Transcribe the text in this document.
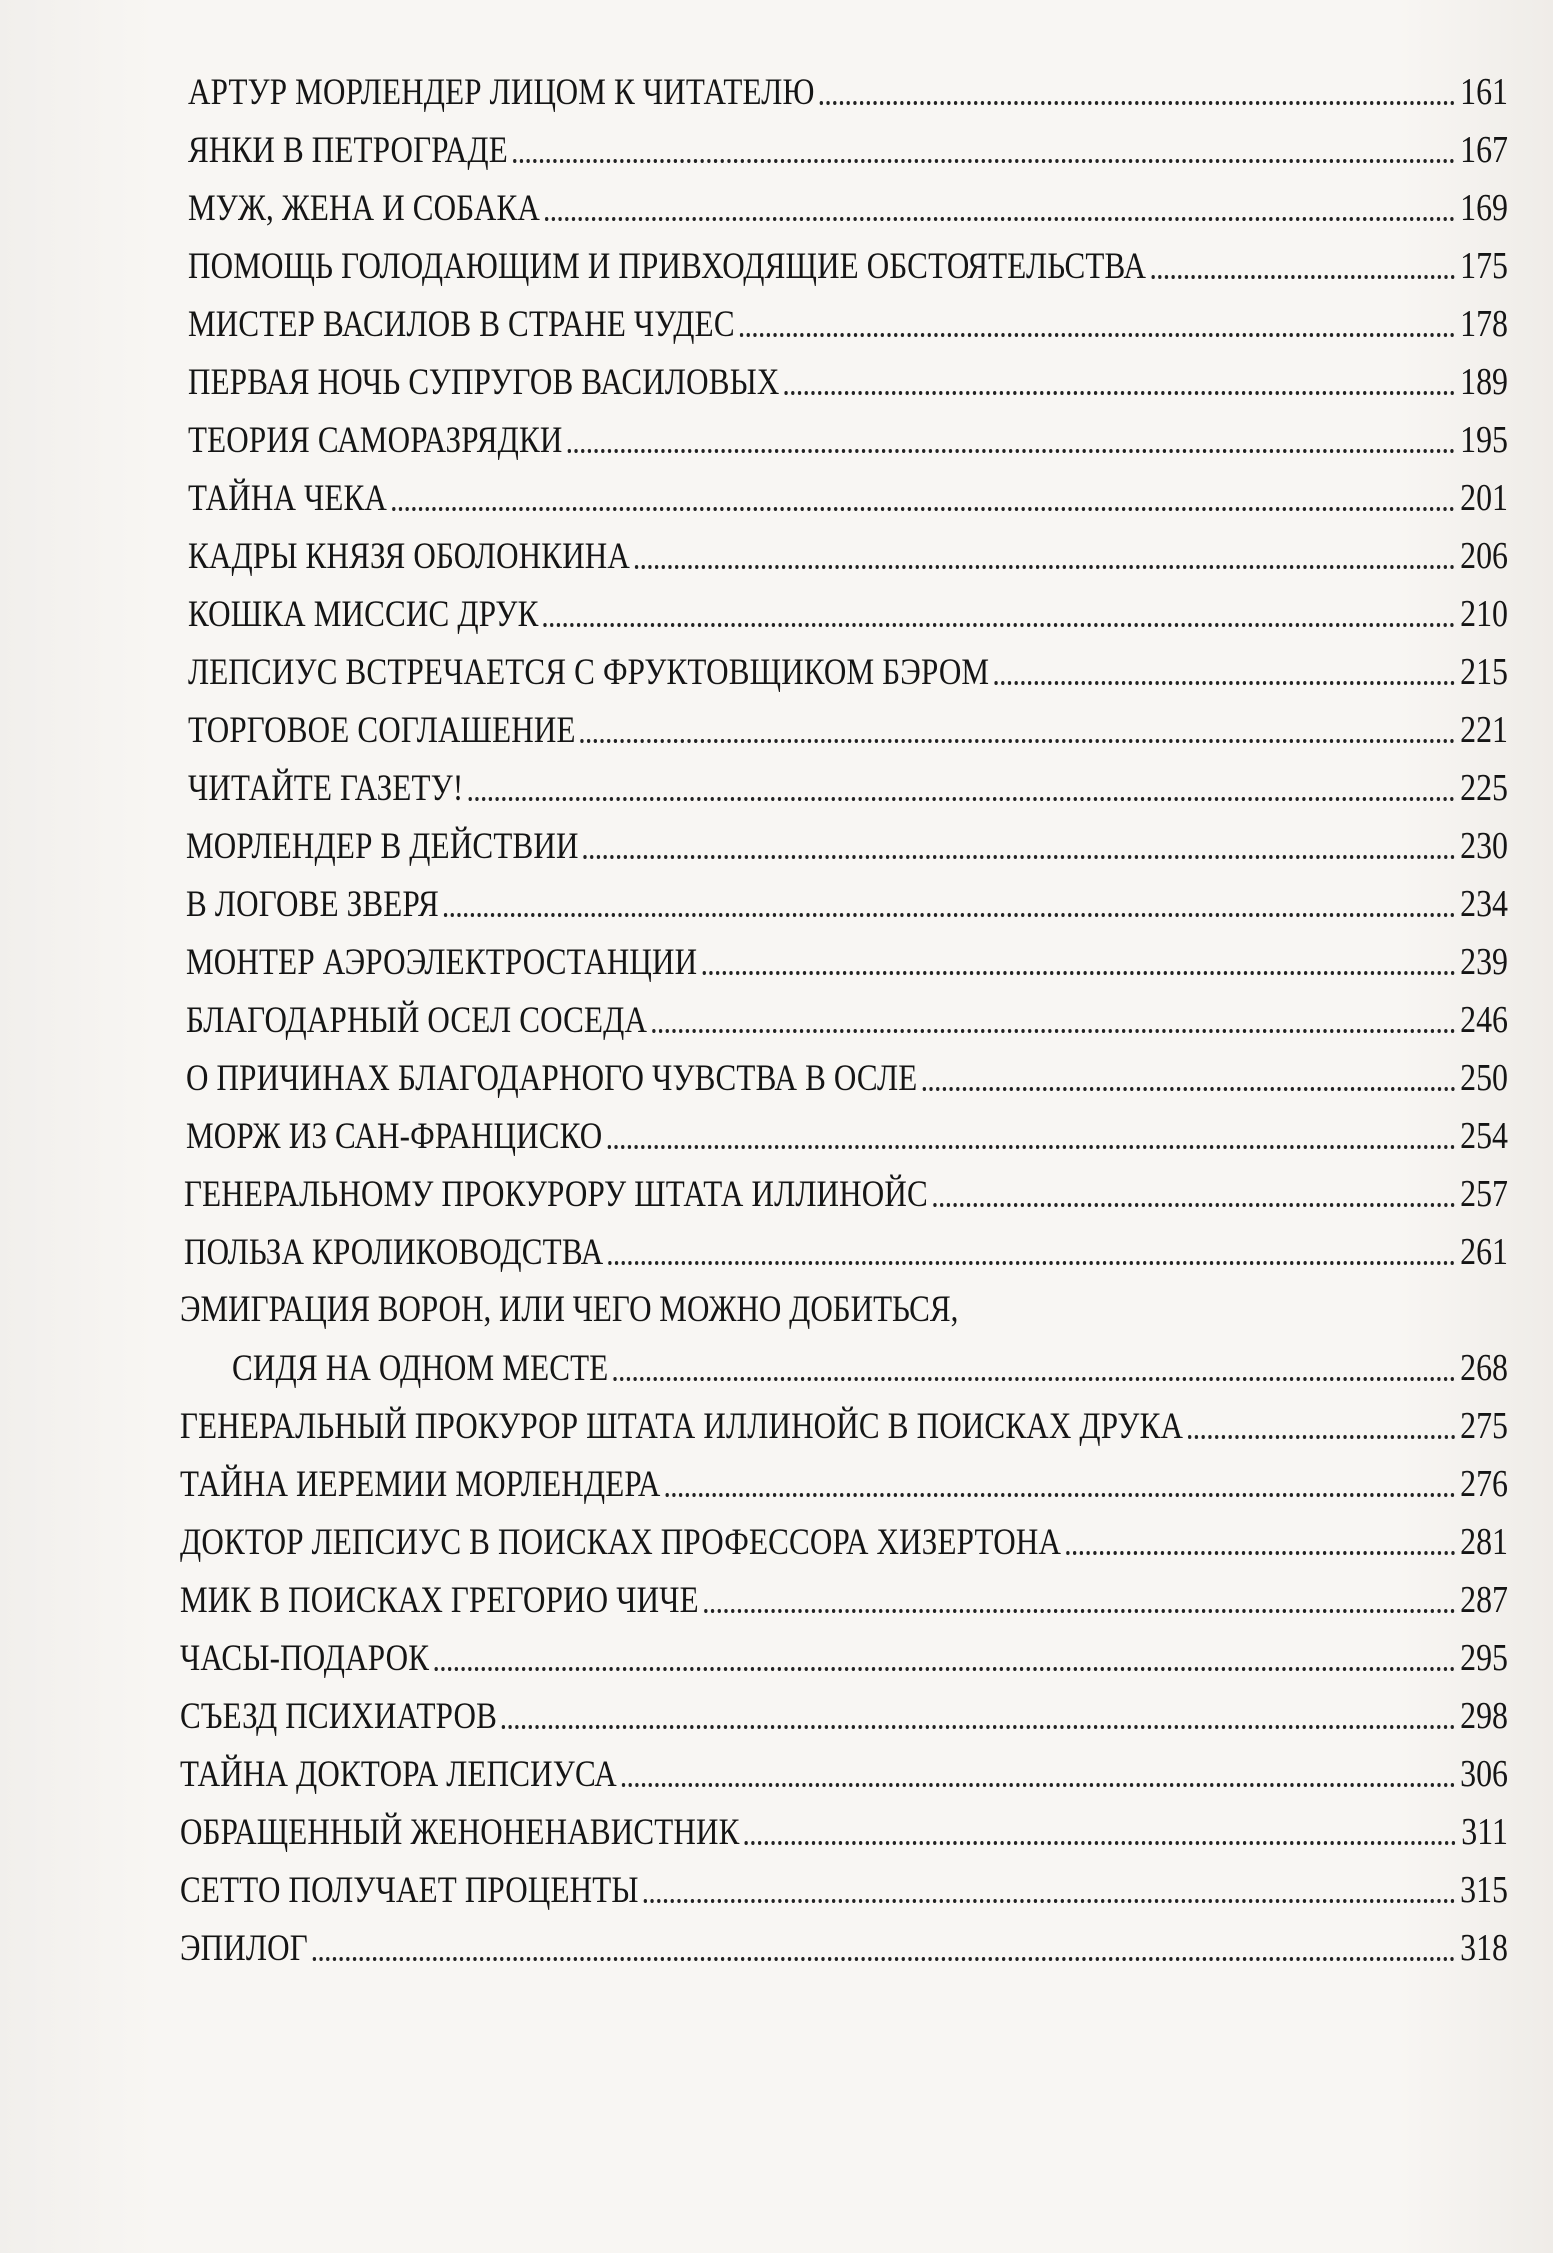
АРТУР МОРЛЕНДЕР ЛИЦОМ К ЧИТАТЕЛЮ	161
ЯНКИ В ПЕТРОГРАДЕ	167
МУЖ, ЖЕНА И СОБАКА	169
ПОМОЩЬ ГОЛОДАЮЩИМ И ПРИВХОДЯЩИЕ ОБСТОЯТЕЛЬСТВА	175
МИСТЕР ВАСИЛОВ В СТРАНЕ ЧУДЕС	178
ПЕРВАЯ НОЧЬ СУПРУГОВ ВАСИЛОВЫХ	189
ТЕОРИЯ САМОРАЗРЯДКИ	195
ТАЙНА ЧЕКА	201
КАДРЫ КНЯЗЯ ОБОЛОНКИНА	206
КОШКА МИССИС ДРУК	210
ЛЕПСИУС ВСТРЕЧАЕТСЯ С ФРУКТОВЩИКОМ БЭРОМ	215
ТОРГОВОЕ СОГЛАШЕНИЕ	221
ЧИТАЙТЕ ГАЗЕТУ!	225
МОРЛЕНДЕР В ДЕЙСТВИИ	230
В ЛОГОВЕ ЗВЕРЯ	234
МОНТЕР АЭРОЭЛЕКТРОСТАНЦИИ	239
БЛАГОДАРНЫЙ ОСЕЛ СОСЕДА	246
О ПРИЧИНАХ БЛАГОДАРНОГО ЧУВСТВА В ОСЛЕ	250
МОРЖ ИЗ САН-ФРАНЦИСКО	254
ГЕНЕРАЛЬНОМУ ПРОКУРОРУ ШТАТА ИЛЛИНОЙС	257
ПОЛЬЗА КРОЛИКОВОДСТВА	261
ЭМИГРАЦИЯ ВОРОН, ИЛИ ЧЕГО МОЖНО ДОБИТЬСЯ,
СИДЯ НА ОДНОМ МЕСТЕ	268
ГЕНЕРАЛЬНЫЙ ПРОКУРОР ШТАТА ИЛЛИНОЙС В ПОИСКАХ ДРУКА	275
ТАЙНА ИЕРЕМИИ МОРЛЕНДЕРА	276
ДОКТОР ЛЕПСИУС В ПОИСКАХ ПРОФЕССОРА ХИЗЕРТОНА	281
МИК В ПОИСКАХ ГРЕГОРИО ЧИЧЕ	287
ЧАСЫ-ПОДАРОК	295
СЪЕЗД ПСИХИАТРОВ	298
ТАЙНА ДОКТОРА ЛЕПСИУСА	306
ОБРАЩЕННЫЙ ЖЕНОНЕНАВИСТНИК	311
СЕТТО ПОЛУЧАЕТ ПРОЦЕНТЫ	315
ЭПИЛОГ	318
